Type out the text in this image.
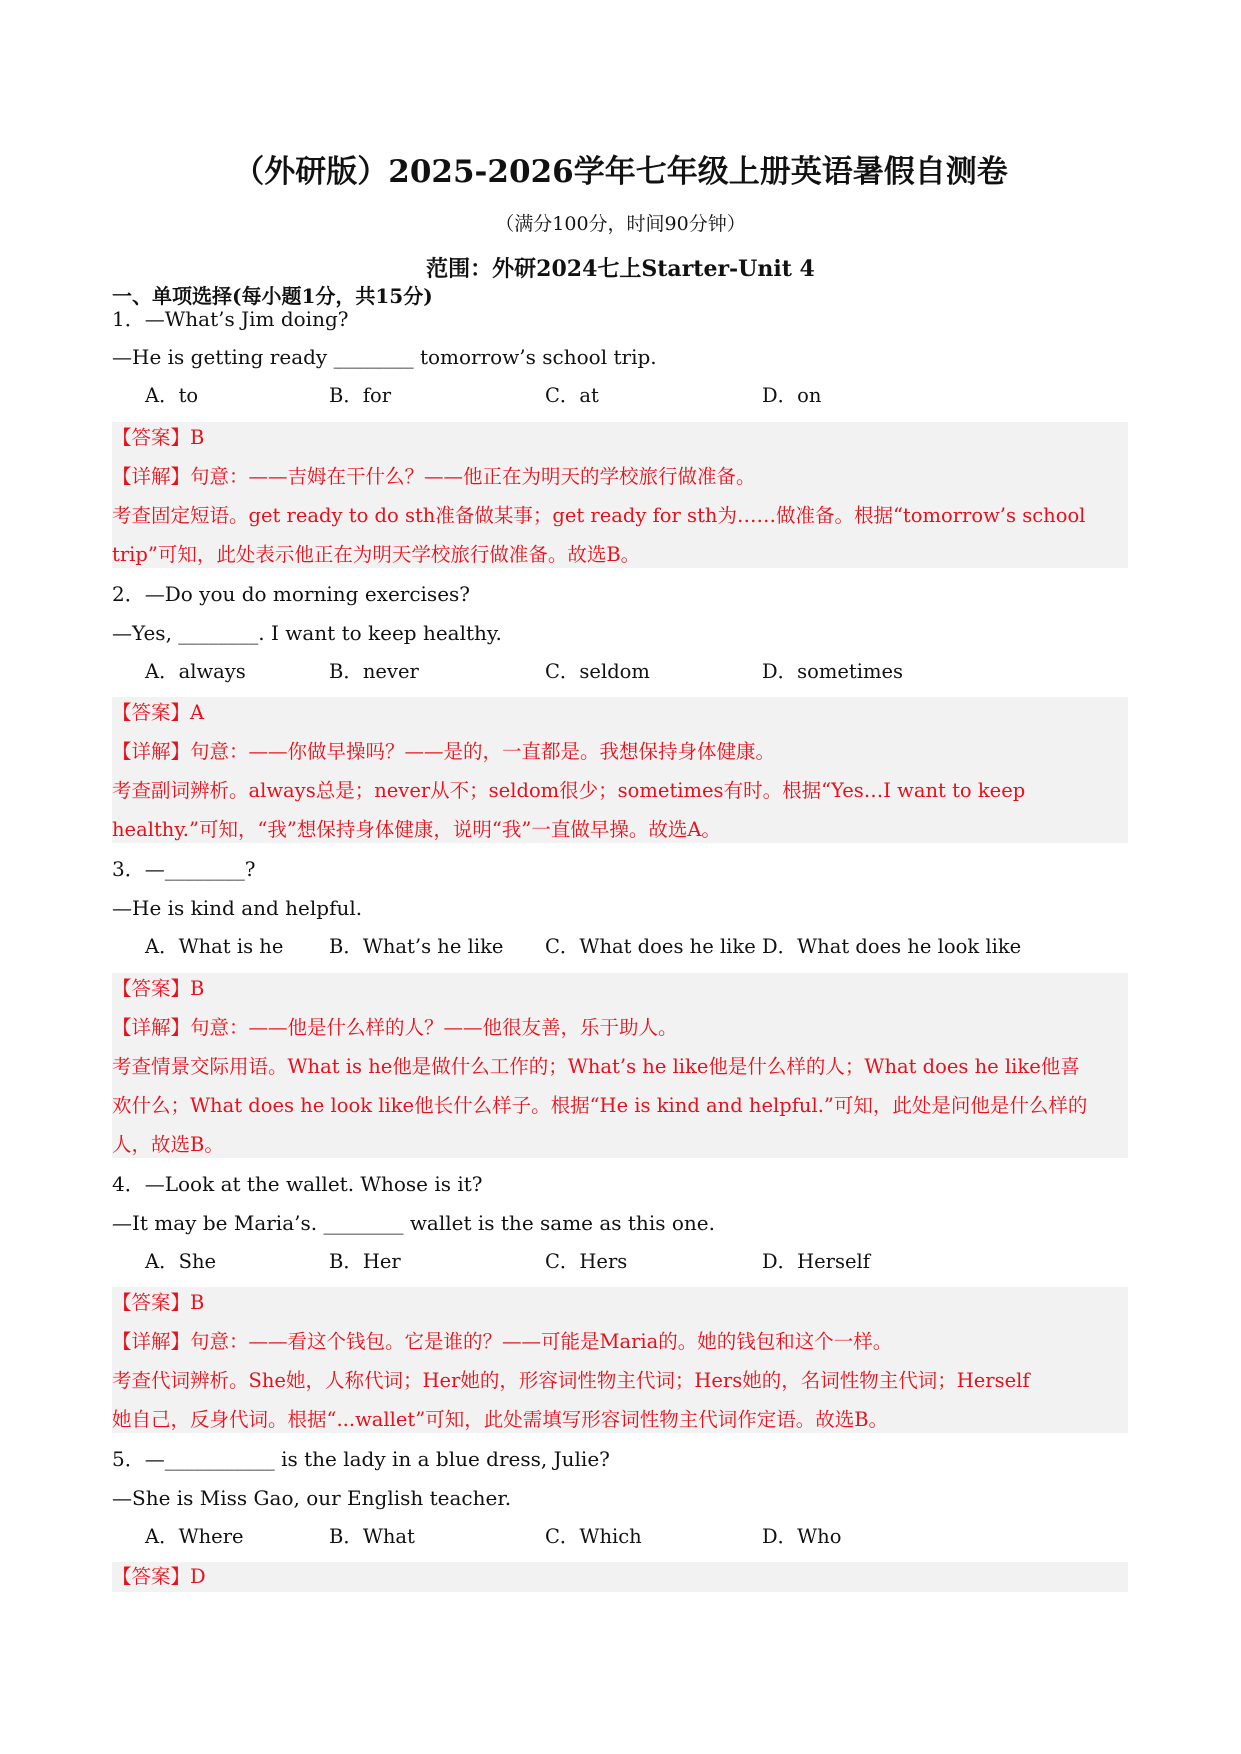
（外研版）2025-2026学年七年级上册英语暑假自测卷
（满分100分，时间90分钟）
范围：外研2024七上Starter-Unit 4
一、单项选择(每小题1分，共15分)
1．—What’s Jim doing?
—He is getting ready ________ tomorrow’s school trip.
A．to	B．for	C．at	D．on
【答案】B
【详解】句意：——吉姆在干什么？——他正在为明天的学校旅行做准备。
考查固定短语。get ready to do sth准备做某事；get ready for sth为……做准备。根据“tomorrow’s school
trip”可知，此处表示他正在为明天学校旅行做准备。故选B。
2．—Do you do morning exercises?
—Yes, ________. I want to keep healthy.
A．always	B．never	C．seldom	D．sometimes
【答案】A
【详解】句意：——你做早操吗？——是的，一直都是。我想保持身体健康。
考查副词辨析。always总是；never从不；seldom很少；sometimes有时。根据“Yes…I want to keep
healthy.”可知，“我”想保持身体健康，说明“我”一直做早操。故选A。
3．—________?
—He is kind and helpful.
A．What is he B．What’s he like C．What does he like D．What does he look like
【答案】B
【详解】句意：——他是什么样的人？——他很友善，乐于助人。
考查情景交际用语。What is he他是做什么工作的；What’s he like他是什么样的人；What does he like他喜
欢什么；What does he look like他长什么样子。根据“He is kind and helpful.”可知，此处是问他是什么样的
人，故选B。
4．—Look at the wallet. Whose is it?
—It may be Maria’s. ________ wallet is the same as this one.
A．She	B．Her	C．Hers	D．Herself
【答案】B
【详解】句意：——看这个钱包。它是谁的？——可能是Maria的。她的钱包和这个一样。
考查代词辨析。She她，人称代词；Her她的，形容词性物主代词；Hers她的，名词性物主代词；Herself
她自己，反身代词。根据“...wallet”可知，此处需填写形容词性物主代词作定语。故选B。
5．—___________ is the lady in a blue dress, Julie?
—She is Miss Gao, our English teacher.
A．Where	B．What	C．Which	D．Who
【答案】D
